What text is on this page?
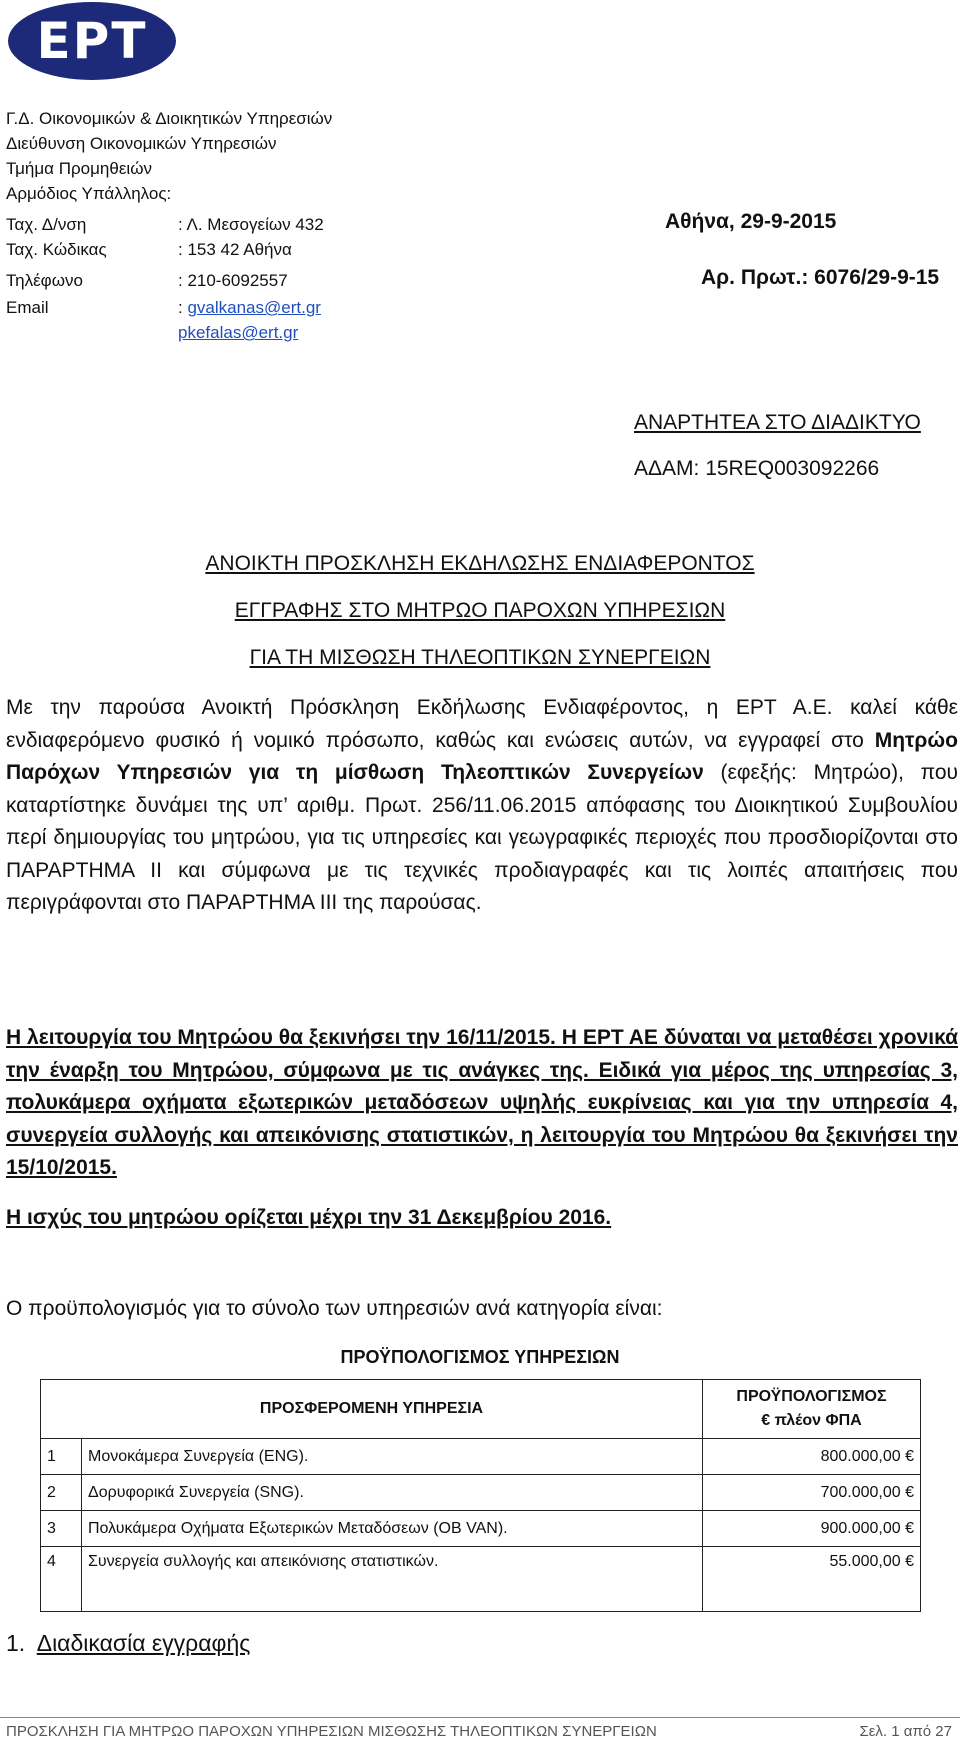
ΕΡΤ
Γ.Δ. Οικονομικών & Διοικητικών Υπηρεσιών
Διεύθυνση Οικονομικών Υπηρεσιών
Τμήμα Προμηθειών
Αρμόδιος Υπάλληλος:
Ταχ. Δ/νση	: Λ. Μεσογείων 432
Ταχ. Κώδικας	: 153 42 Αθήνα
Τηλέφωνο	: 210-6092557
Email	: gvalkanas@ert.gr
pkefalas@ert.gr
Αθήνα, 29-9-2015
Αρ. Πρωτ.: 6076/29-9-15
ΑΝΑΡΤΗΤΕΑ ΣΤΟ ΔΙΑΔΙΚΤΥΟ
ΑΔΑΜ: 15REQ003092266
ΑΝΟΙΚΤΗ ΠΡΟΣΚΛΗΣΗ ΕΚΔΗΛΩΣΗΣ ΕΝΔΙΑΦΕΡΟΝΤΟΣ
ΕΓΓΡΑΦΗΣ ΣΤΟ ΜΗΤΡΩΟ ΠΑΡΟΧΩΝ ΥΠΗΡΕΣΙΩΝ
ΓΙΑ ΤΗ ΜΙΣΘΩΣΗ ΤΗΛΕΟΠΤΙΚΩΝ ΣΥΝΕΡΓΕΙΩΝ
Με την παρούσα Ανοικτή Πρόσκληση Εκδήλωσης Ενδιαφέροντος, η ΕΡΤ Α.Ε. καλεί κάθε ενδιαφερόμενο φυσικό ή νομικό πρόσωπο, καθώς και ενώσεις αυτών, να εγγραφεί στο Μητρώο Παρόχων Υπηρεσιών για τη μίσθωση Τηλεοπτικών Συνεργείων (εφεξής: Μητρώο), που καταρτίστηκε δυνάμει της υπ’ αριθμ. Πρωτ. 256/11.06.2015 απόφασης του Διοικητικού Συμβουλίου περί δημιουργίας του μητρώου, για τις υπηρεσίες και γεωγραφικές περιοχές που προσδιορίζονται στο ΠΑΡΑΡΤΗΜΑ ΙΙ και σύμφωνα με τις τεχνικές προδιαγραφές και τις λοιπές απαιτήσεις που περιγράφονται στο ΠΑΡΑΡΤΗΜΑ ΙΙΙ της παρούσας.
Η λειτουργία του Μητρώου θα ξεκινήσει την 16/11/2015. Η ΕΡΤ ΑΕ δύναται να μεταθέσει χρονικά την έναρξη του Μητρώου, σύμφωνα με τις ανάγκες της. Ειδικά για μέρος της υπηρεσίας 3, πολυκάμερα οχήματα εξωτερικών μεταδόσεων υψηλής ευκρίνειας και για την υπηρεσία 4, συνεργεία συλλογής και απεικόνισης στατιστικών, η λειτουργία του Μητρώου θα ξεκινήσει την 15/10/2015.
Η ισχύς του μητρώου ορίζεται μέχρι την 31 Δεκεμβρίου 2016.
Ο προϋπολογισμός για το σύνολο των υπηρεσιών ανά κατηγορία είναι:
ΠΡΟΫΠΟΛΟΓΙΣΜΟΣ ΥΠΗΡΕΣΙΩΝ
ΠΡΟΣΦΕΡΟΜΕΝΗ ΥΠΗΡΕΣΙΑ		ΠΡΟΫΠΟΛΟΓΙΣΜΟΣ
€ πλέον ΦΠΑ

1	Μονοκάμερα Συνεργεία (ENG).	800.000,00 €
2	Δορυφορικά Συνεργεία (SNG).	700.000,00 €
3	Πολυκάμερα Οχήματα Εξωτερικών Μεταδόσεων (OB VAN).	900.000,00 €
4	Συνεργεία συλλογής και απεικόνισης στατιστικών.	55.000,00 €
1. Διαδικασία εγγραφής
ΠΡΟΣΚΛΗΣΗ ΓΙΑ ΜΗΤΡΩΟ ΠΑΡΟΧΩΝ ΥΠΗΡΕΣΙΩΝ ΜΙΣΘΩΣΗΣ ΤΗΛΕΟΠΤΙΚΩΝ ΣΥΝΕΡΓΕΙΩΝ	Σελ. 1 από 27
